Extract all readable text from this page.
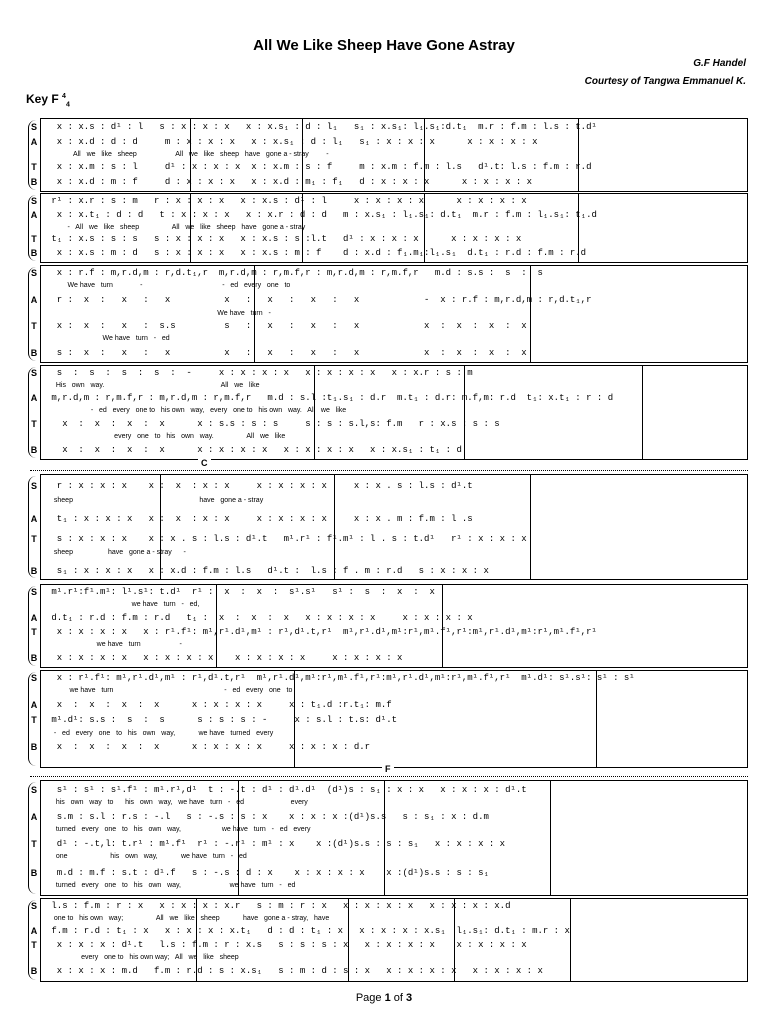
All We Like Sheep Have Gone Astray
G.F Handel
Courtesy of Tangwa Emmanuel K.
Key F $^4_4$
S	x : x.s : d¹ : l   s : x : x : x   x : x.s₁ : d : l₁   s₁ : x.s₁: l₁.s₁:d.t₁  m.r : f.m : l.s : t.d¹
A x : x.d : d : d     m : x : x : x   x : x.s₁ : d : l₁   s₁ : x : x : x      x : x : x : x
All   we   like   sheep                    All   we   like   sheep   have   gone a - stray         -
T	x : x.m : s : l     d¹ : x : x : x  x : x.m : s : f     m : x.m : f.m : l.s   d¹.t: l.s : f.m : r.d
B x : x.d : m : f     d : x : x : x   x : x.d : m₁ : f₁   d : x : x : x      x : x : x : x
S	r¹ : x.r : s : m   r : x : x : x   x : x.s : d¹ : l     x : x : x : x      x : x : x : x
A x : x.t₁ : d : d   t : x : x : x   x : x.r : d : d   m : x.s₁ : l₁.s₁: d.t₁  m.r : f.m : l₁.s₁: t₁.d
-   All   we   like   sheep                 All   we   like   sheep   have   gone a - stray
T	t₁ : x.s : s : s   s : x : x : x   x : x.s : s :l.t   d¹ : x : x : x      x : x : x : x
B x : x.s : m : d   s : x : x : x   x : x.s : m : f    d : x.d : f₁.m₁:l₁.s₁  d.t₁ : r.d : f.m : r.d
S	x : r.f : m,r.d,m : r,d.t₁,r  m,r.d,m : r,m.f,r : m,r.d,m : r,m.f,r   m.d : s.s :  s  :  s
We have   turn              -                                         -   ed   every   one   to
A r :  x  :   x   :   x          x   :   x   :   x   :   x            -  x : r.f : m,r.d,m : r,d.t₁,r
We have   turn   -
T	x :  x  :   x   :  s.s         s   :   x   :   x   :   x            x  :  x  :  x  :  x
We have   turn   -   ed
B s :  x  :   x   :   x          x   :   x   :   x   :   x            x  :  x  :  x  :  x
S	s  :  s  :  s  :  s  :  -     x : x : x : x   x : x : x : x   x : x.r : s : m
His   own   way.                                                            All   we   like
A m,r.d,m : r,m.f,r : m,r.d,m : r,m.f,r   m.d : s.l :t₁.s₁ : d.r  m.t₁ : d.r: m.f,m: r.d  t₁: x.t₁ : r : d
-   ed   every   one to   his own   way,   every   one to   his own   way.   All   we   like
T	x  :  x  :  x  :  x      x : s.s : s : s     s : s : s.l,s: f.m   r : x.s : s : s
every   one   to   his   own   way.                 All   we   like
B x  :  x  :  x  :  x      x : x : x : x   x : x : x : x   x : x.s₁ : t₁ : d
C
S	r : x : x : x    x :  x  : x : x     x : x : x : x     x : x . s : l.s : d¹.t
sheep                                                                 have   gone a - stray
A t₁ : x : x : x   x :  x  : x : x     x : x : x : x     x : x . m : f.m : l .s
T	s : x : x : x    x : x . s : l.s : d¹.t   m¹.r¹ : f¹.m¹ : l . s : t.d¹   r¹ : x : x : x
sheep                  have   gone a - stray      -
B s₁ : x : x : x   x : x.d : f.m : l.s   d¹.t :  l.s : f . m : r.d   s : x : x : x
S	m¹.r¹:f¹.m¹: l¹.s¹: t.d¹  r¹ :  x  :  x  :  s¹.s¹   s¹ :  s  :  x  :  x
we have   turn   -   ed,
A d.t₁ : r.d : f.m : r.d   t₁ :  x  :  x  :  x   x : x : x : x     x : x : x : x
T	x : x : x : x   x : r¹.f¹: m¹,r¹.d¹,m¹ : r¹,d¹.t,r¹  m¹,r¹.d¹,m¹:r¹,m¹.f¹,r¹:m¹,r¹.d¹,m¹:r¹,m¹.f¹,r¹
we have   turn                    -
B x : x : x : x   x : x : x : x    x : x : x : x     x : x : x : x
S	x : r¹.f¹: m¹,r¹.d¹,m¹ : r¹,d¹.t,r¹  m¹,r¹.d¹,m¹:r¹,m¹.f¹,r¹:m¹,r¹.d¹,m¹:r¹,m¹.f¹,r¹  m¹.d¹: s¹.s¹: s¹ : s¹
we have   turn                                                         -   ed   every   one   to
A x  :  x  :  x  :  x      x : x : x : x     x : t₁.d :r.t₁: m.f
T	m¹.d¹: s.s :  s  :  s      s : s : s : -     x : s.l : t.s: d¹.t
-   ed   every   one   to   his   own   way,            we have   turned   every
B x  :  x  :  x  :  x      x : x : x : x     x : x : x : d.r
F
S	s¹ : s¹ : s¹.f¹ : m¹.r¹,d¹  t : -.t : d¹ : d¹.d¹  (d¹)s : s₁ : x : x   x : x : x : d¹.t
his   own   way   to      his   own   way,   we have   turn   -   ed                        every
A s.m : s.l : r.s : -.l   s : -.s : s : x    x : x : x :(d¹)s.s   s : s₁ : x : d.m
turned   every   one   to   his   own   way,                     we have   turn   -   ed   every
T	d¹ : -.t,l: t.r¹ : m¹.f¹  r¹ : -.r¹ : m¹ : x    x :(d¹)s.s : s : s₁   x : x : x : x
one                      his   own   way,            we have   turn   -   ed
B m.d : m.f : s.t : d¹.f   s : -.s : d : x    x : x : x : x    x :(d¹)s.s : s : s₁
turned   every   one   to   his   own   way,                         we have   turn   -   ed
S	l.s : f.m : r : x   x : x : x : x.r   s : m : r : x   x : x : x : x   x : x : x : x.d
one to   his own   way;                 All   we   like   sheep            have   gone a - stray,   have
A f.m : r.d : t₁ : x   x : x : x : x.t₁   d : d : t₁ : x   x : x : x : x.s₁  l₁.s₁: d.t₁ : m.r : x
T	x : x : x : d¹.t   l.s : f.m : r : x.s   s : s : s : x   x : x : x : x    x : x : x : x
every   one to   his own way;   All   we   like   sheep
B x : x : x : m.d   f.m : r.d : s : x.s₁   s : m : d : s : x   x : x : x : x   x : x : x : x
Page 1 of 3
